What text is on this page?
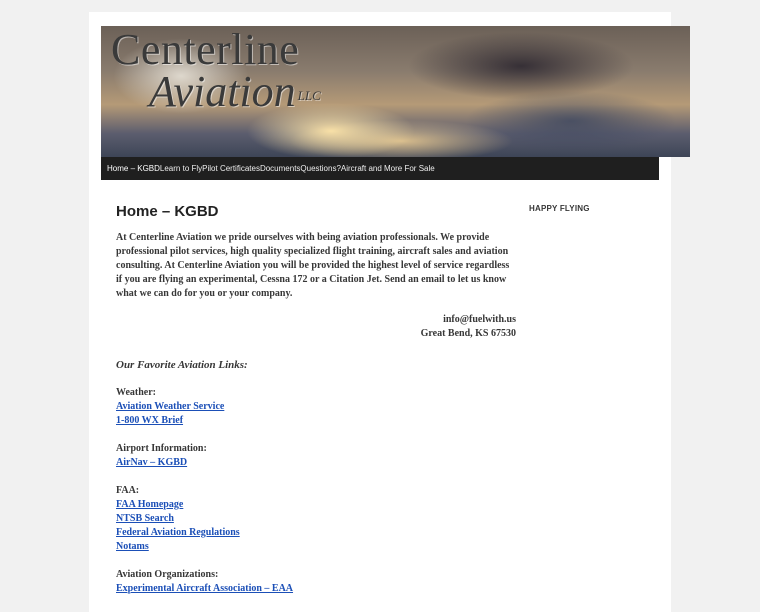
Centerline
Aviation LLC
Home – KGBD Learn to Fly Pilot Certificates Documents Questions? Aircraft and More For Sale
Home – KGBD

At Centerline Aviation we pride ourselves with being aviation professionals. We provide professional pilot services, high quality specialized flight training, aircraft sales and aviation consulting. At Centerline Aviation you will be provided the highest level of service regardless if you are flying an experimental, Cessna 172 or a Citation Jet. Send an email to let us know what we can do for you or your company.

info@fuelwith.us
Great Bend, KS 67530
Our Favorite Aviation Links:
Weather:
Aviation Weather Service
1-800 WX Brief
Airport Information:
AirNav – KGBD
FAA:
FAA Homepage
NTSB Search
Federal Aviation Regulations
Notams
Aviation Organizations:
Experimental Aircraft Association – EAA
HAPPY FLYING
